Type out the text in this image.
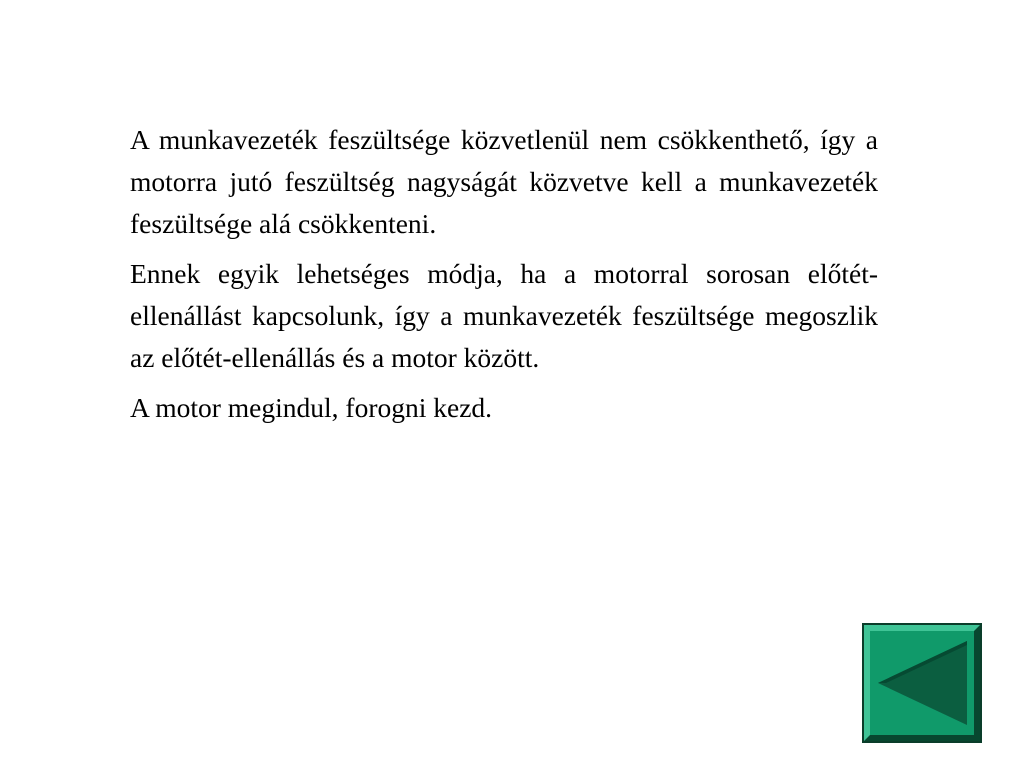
A munkavezeték feszültsége közvetlenül nem csökkenthető, így a motorra jutó feszültség nagyságát közvetve kell a munkavezeték feszültsége alá csökkenteni.

Ennek egyik lehetséges módja, ha a motorral sorosan előtét-ellenállást kapcsolunk, így a munkavezeték feszültsége megoszlik az előtét-ellenállás és a motor között.

A motor megindul, forogni kezd.
